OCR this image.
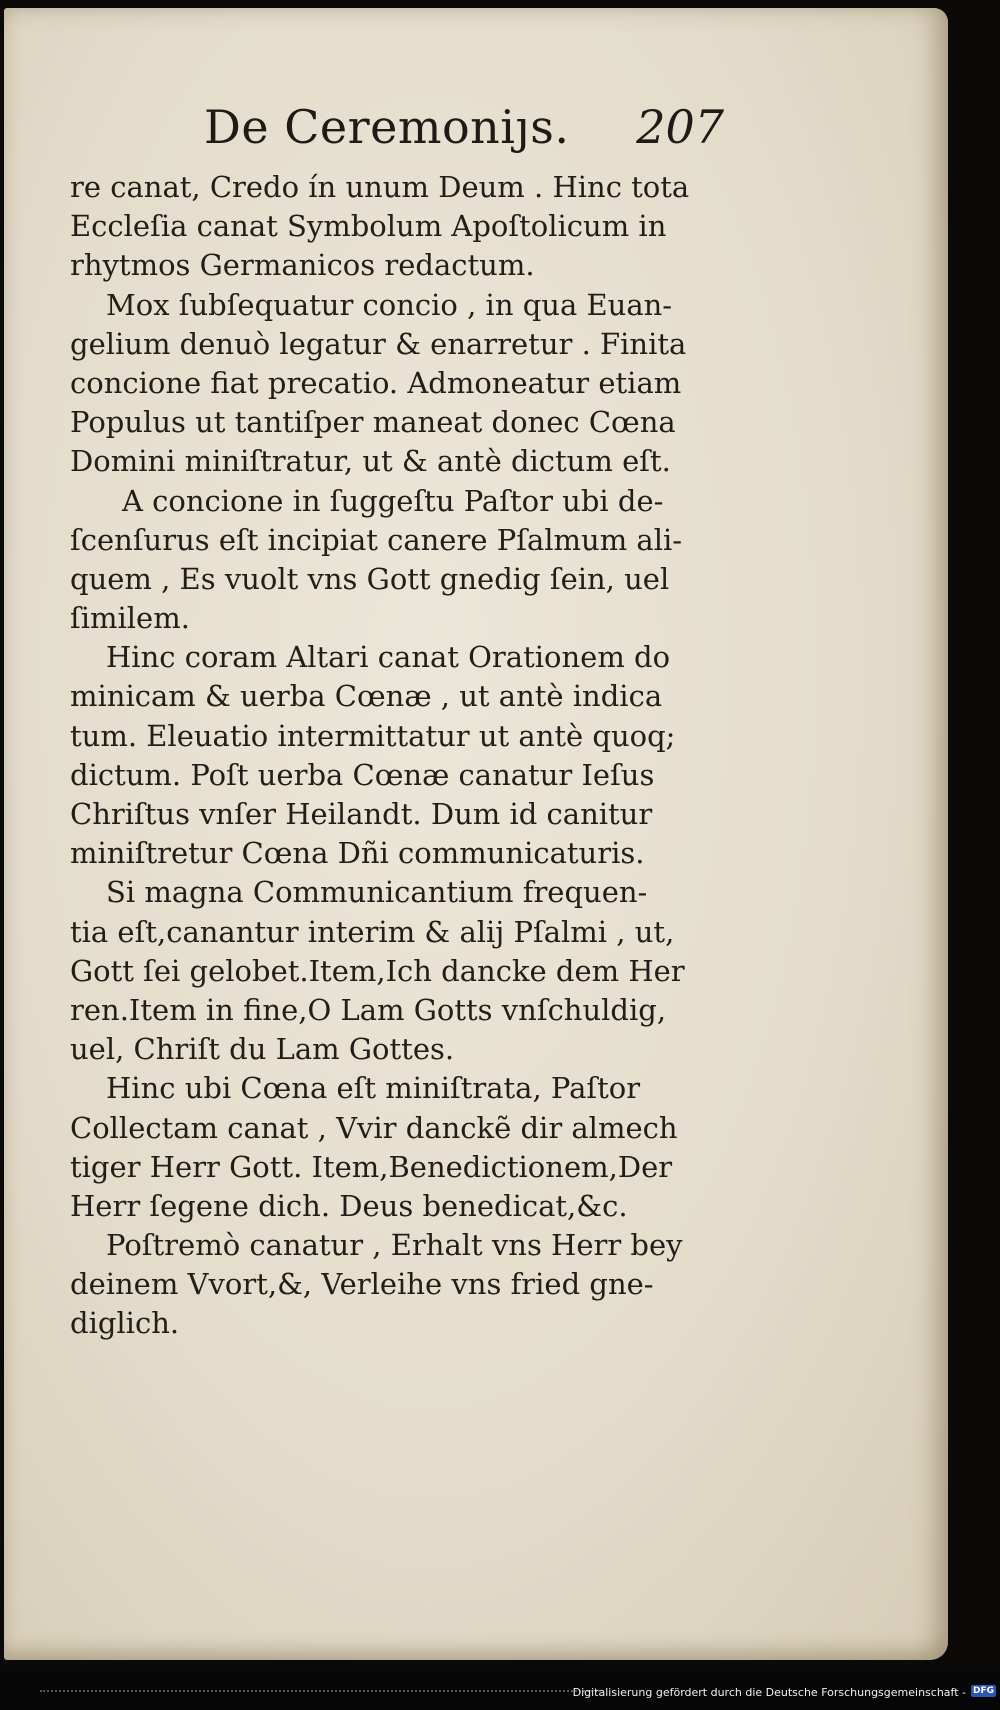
De Ceremoniȷs. 207
re canat, Credo ín unum Deum . Hinc tota
Eccleſia canat Symbolum Apoſtolicum in
rhytmos Germanicos redactum.
Mox ſubſequatur concio , in qua Euan-
gelium denuò legatur & enarretur . Finita
concione fiat precatio. Admoneatur etiam
Populus ut tantiſper maneat donec Cœna
Domini miniſtratur, ut & antè dictum eſt.
A concione in ſuggeſtu Paſtor ubi de-
ſcenſurus eſt incipiat canere Pſalmum ali-
quem , Es vuolt vns Gott gnedig ſein, uel
ſimilem.
Hinc coram Altari canat Orationem do
minicam & uerba Cœnæ , ut antè indica
tum. Eleuatio intermittatur ut antè quoq;
dictum. Poſt uerba Cœnæ canatur Ieſus
Chriſtus vnſer Heilandt. Dum id canitur
miniſtretur Cœna Dñi communicaturis.
Si magna Communicantium frequen-
tia eſt,canantur interim & alij Pſalmi , ut,
Gott ſei gelobet.Item,Ich dancke dem Her
ren.Item in fine,O Lam Gotts vnſchuldig,
uel, Chriſt du Lam Gottes.
Hinc ubi Cœna eſt miniſtrata, Paſtor
Collectam canat , Vvir danckẽ dir almech
tiger Herr Gott. Item,Benedictionem,Der
Herr ſegene dich. Deus benedicat,&c.
Poſtremò canatur , Erhalt vns Herr bey
deinem Vvort,&, Verleihe vns fried gne-
diglich.
Digitalisierung gefördert durch die Deutsche Forschungsgemeinschaft - DFG
